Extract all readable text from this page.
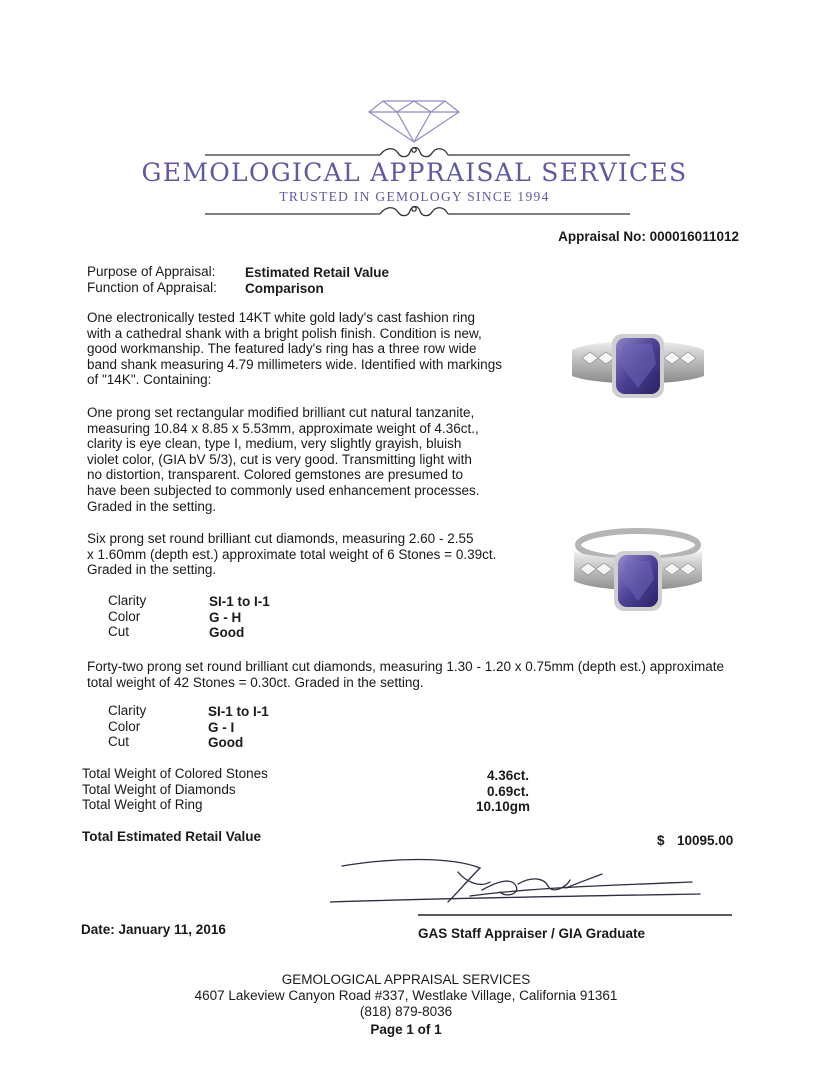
GEMOLOGICAL APPRAISAL SERVICES
TRUSTED IN GEMOLOGY SINCE 1994
Appraisal No: 000016011012
Purpose of Appraisal: Estimated Retail Value
Function of Appraisal: Comparison
One electronically tested 14KT white gold lady's cast fashion ring
with a cathedral shank with a bright polish finish. Condition is new,
good workmanship. The featured lady's ring has a three row wide
band shank measuring 4.79 millimeters wide. Identified with markings
of "14K". Containing:
One prong set rectangular modified brilliant cut natural tanzanite,
measuring 10.84 x 8.85 x 5.53mm, approximate weight of 4.36ct.,
clarity is eye clean, type I, medium, very slightly grayish, bluish
violet color, (GIA bV 5/3), cut is very good. Transmitting light with
no distortion, transparent. Colored gemstones are presumed to
have been subjected to commonly used enhancement processes.
Graded in the setting.
Six prong set round brilliant cut diamonds, measuring 2.60 - 2.55
x 1.60mm (depth est.) approximate total weight of 6 Stones = 0.39ct.
Graded in the setting.
Clarity
Color
Cut
SI-1 to I-1
G - H
Good
Forty-two prong set round brilliant cut diamonds, measuring 1.30 - 1.20 x 0.75mm (depth est.) approximate
total weight of 42 Stones = 0.30ct. Graded in the setting.
Clarity
Color
Cut
SI-1 to I-1
G - I
Good
Total Weight of Colored Stones
Total Weight of Diamonds
Total Weight of Ring
4.36ct.
0.69ct.
10.10gm
Total Estimated Retail Value	$ 10095.00
Date: January 11, 2016	GAS Staff Appraiser / GIA Graduate
GEMOLOGICAL APPRAISAL SERVICES
4607 Lakeview Canyon Road #337, Westlake Village, California 91361
(818) 879-8036
Page 1 of 1
